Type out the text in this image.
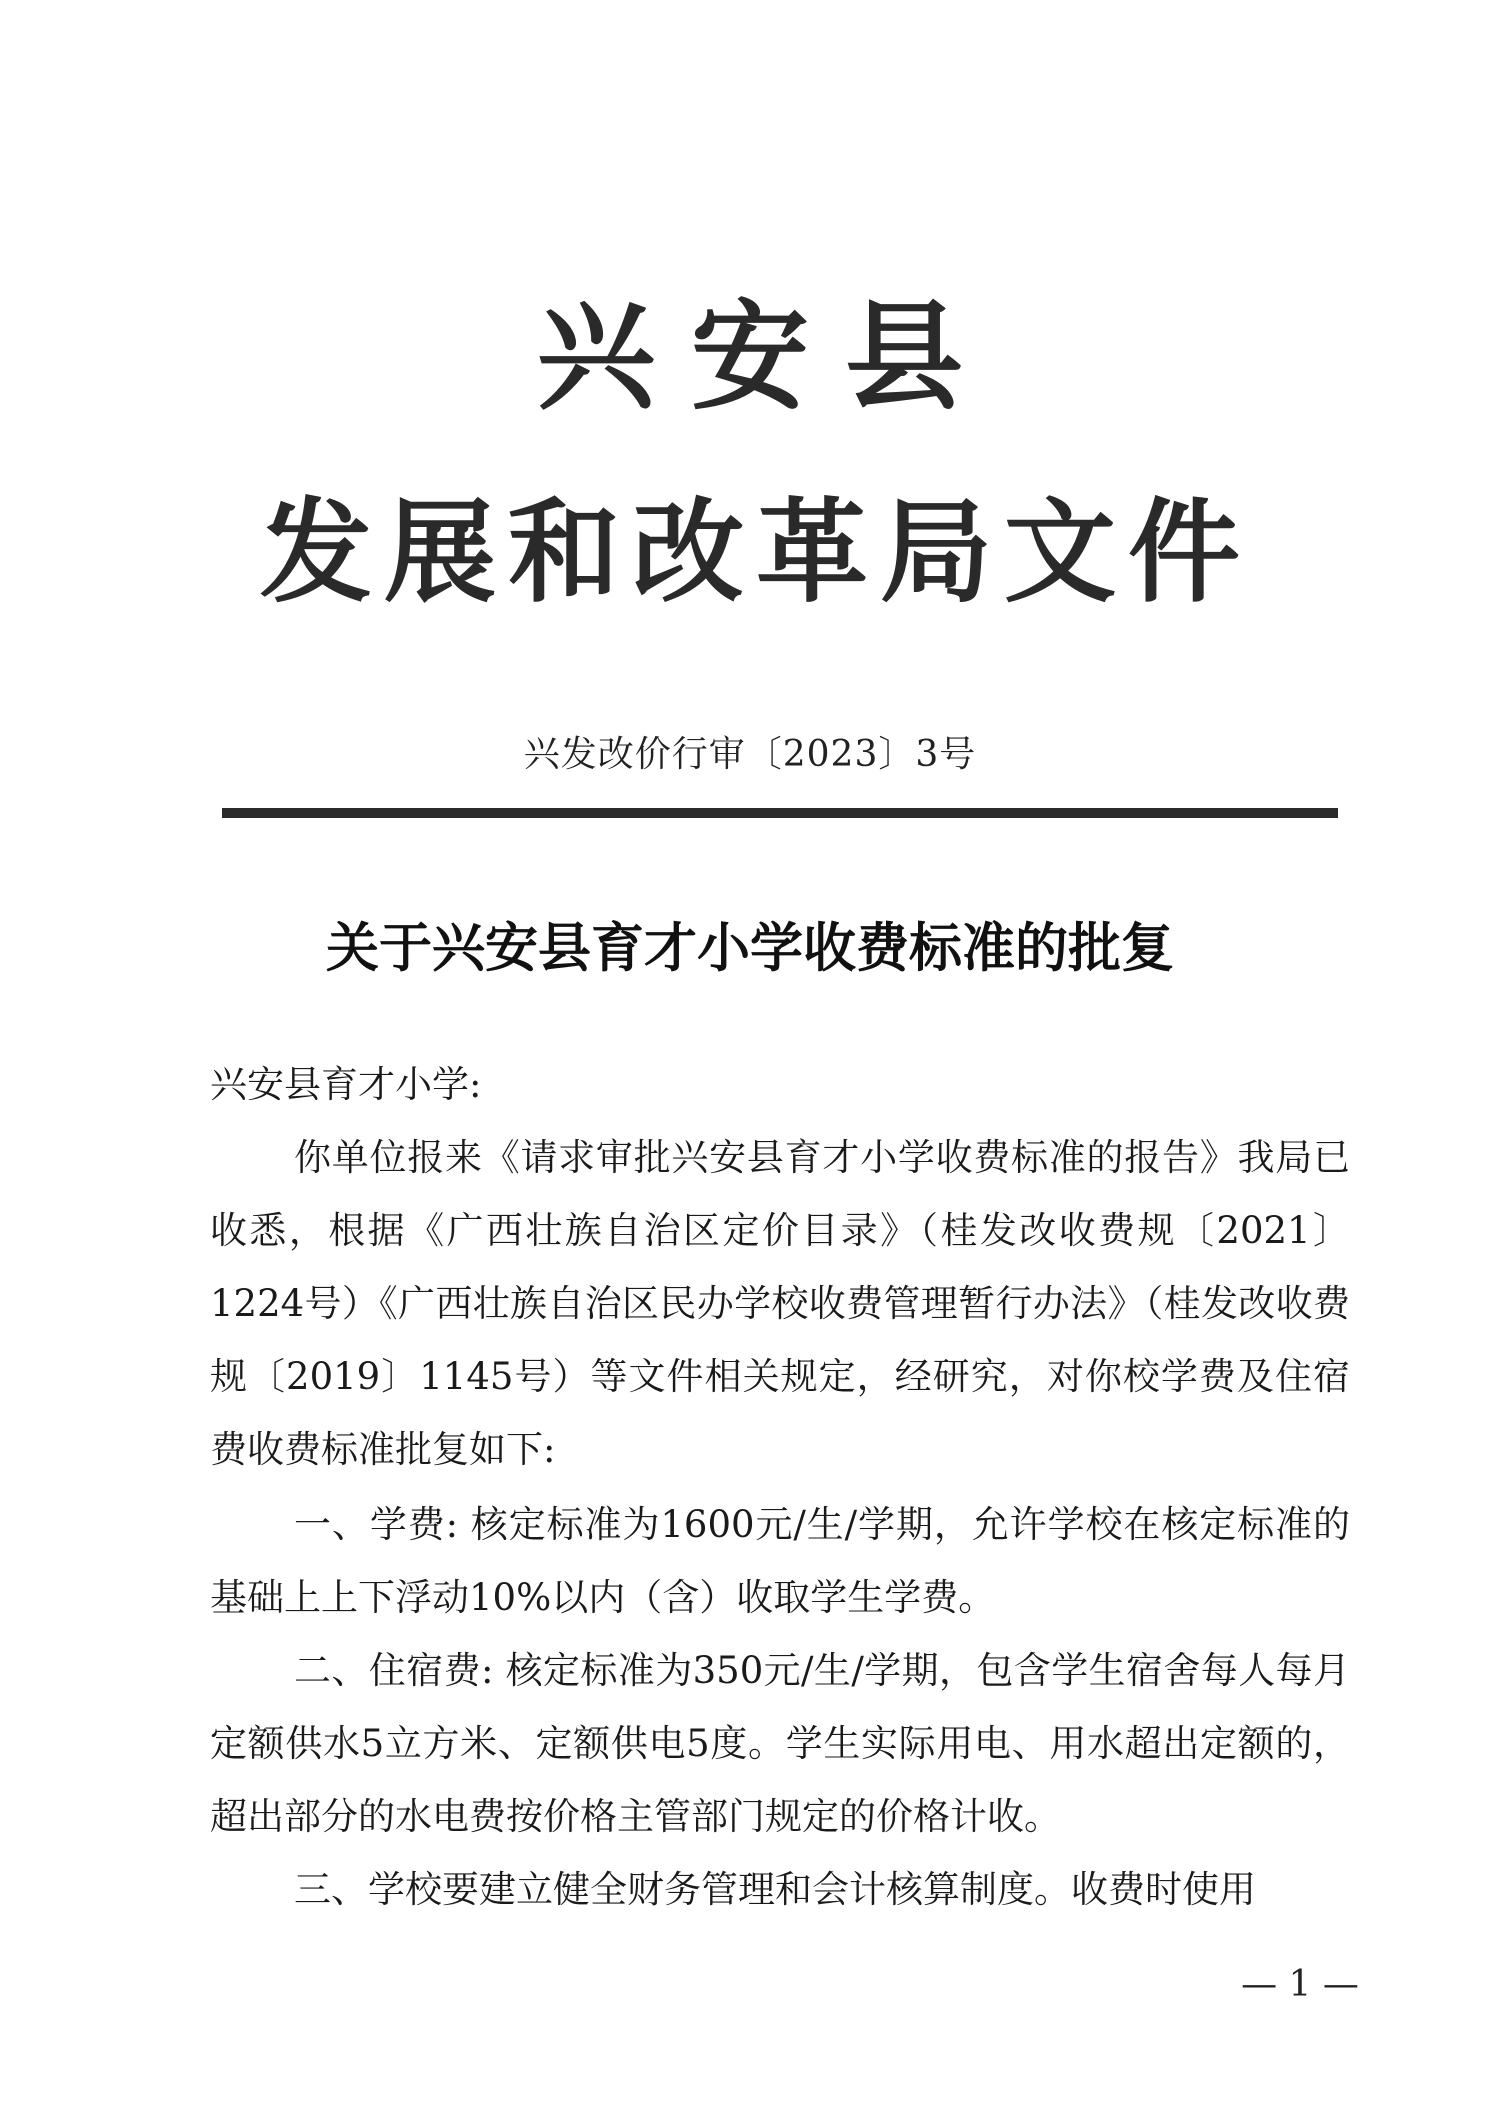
兴安县
发展和改革局文件
兴发改价行审〔2023〕3号
关于兴安县育才小学收费标准的批复
兴安县育才小学:

你单位报来《请求审批兴安县育才小学收费标准的报告》我局已收悉，根据《广西壮族自治区定价目录》（桂发改收费规〔2021〕1224号）《广西壮族自治区民办学校收费管理暂行办法》（桂发改收费规〔2019〕1145号）等文件相关规定，经研究，对你校学费及住宿费收费标准批复如下:

一、学费: 核定标准为1600元/生/学期，允许学校在核定标准的基础上上下浮动10%以内（含）收取学生学费。

二、住宿费: 核定标准为350元/生/学期，包含学生宿舍每人每月定额供水5立方米、定额供电5度。学生实际用电、用水超出定额的，超出部分的水电费按价格主管部门规定的价格计收。

三、学校要建立健全财务管理和会计核算制度。收费时使用

— 1 —
